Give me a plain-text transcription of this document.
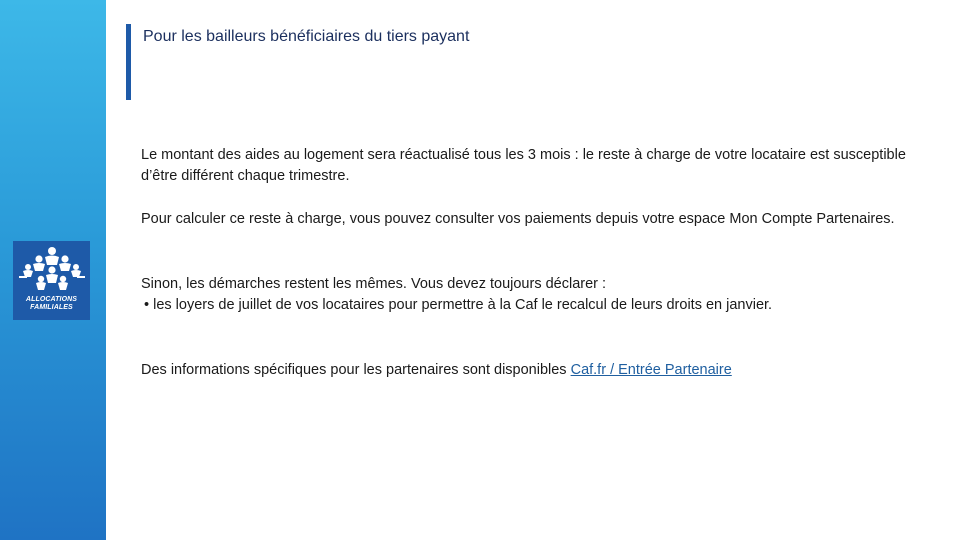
ALLOCATIONS
FAMILIALES
Pour les bailleurs bénéficiaires du tiers payant

Le montant des aides au logement sera réactualisé tous les 3 mois : le reste à charge de votre locataire est susceptible d’être différent chaque trimestre.

Pour calculer ce reste à charge, vous pouvez consulter vos paiements depuis votre espace Mon Compte Partenaires.

Sinon, les démarches restent les mêmes. Vous devez toujours déclarer :
• les loyers de juillet de vos locataires pour permettre à la Caf le recalcul de leurs droits en janvier.

Des informations spécifiques pour les partenaires sont disponibles Caf.fr / Entrée Partenaire
